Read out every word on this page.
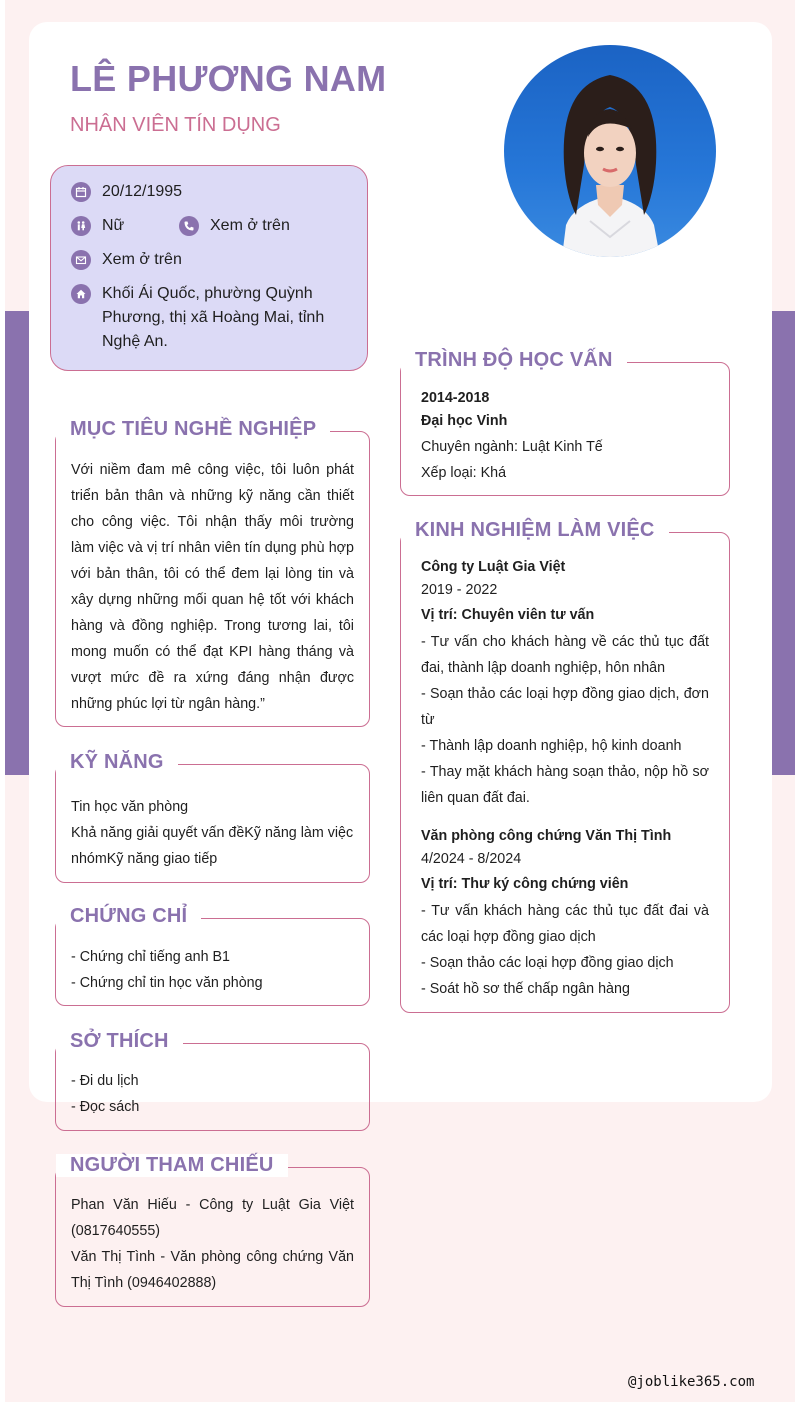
LÊ PHƯƠNG NAM
NHÂN VIÊN TÍN DỤNG
20/12/1995
Nữ	Xem ở trên
Xem ở trên
Khối Ái Quốc, phường Quỳnh Phương, thị xã Hoàng Mai, tỉnh Nghệ An.
MỤC TIÊU NGHỀ NGHIỆP
Với niềm đam mê công việc, tôi luôn phát triển bản thân và những kỹ năng cần thiết cho công việc. Tôi nhận thấy môi trường làm việc và vị trí nhân viên tín dụng phù hợp với bản thân, tôi có thể đem lại lòng tin và xây dựng những mối quan hệ tốt với khách hàng và đồng nghiệp. Trong tương lai, tôi mong muốn có thể đạt KPI hàng tháng và vượt mức đề ra xứng đáng nhận được những phúc lợi từ ngân hàng.”
KỸ NĂNG
Tin học văn phòng
Khả năng giải quyết vấn đềKỹ năng làm việc nhómKỹ năng giao tiếp
CHỨNG CHỈ
- Chứng chỉ tiếng anh B1
- Chứng chỉ tin học văn phòng
SỞ THÍCH
- Đi du lịch
- Đọc sách
NGƯỜI THAM CHIẾU
Phan Văn Hiếu - Công ty Luật Gia Việt (0817640555)
Văn Thị Tình - Văn phòng công chứng Văn Thị Tình (0946402888)
TRÌNH ĐỘ HỌC VẤN
2014-2018
Đại học Vinh
Chuyên ngành: Luật Kinh Tế
Xếp loại: Khá
KINH NGHIỆM LÀM VIỆC
Công ty Luật Gia Việt
2019 - 2022
Vị trí: Chuyên viên tư vấn
- Tư vấn cho khách hàng về các thủ tục đất đai, thành lập doanh nghiệp, hôn nhân
- Soạn thảo các loại hợp đồng giao dịch, đơn từ
- Thành lập doanh nghiệp, hộ kinh doanh
- Thay mặt khách hàng soạn thảo, nộp hồ sơ liên quan đất đai.
Văn phòng công chứng Văn Thị Tình
4/2024 - 8/2024
Vị trí: Thư ký công chứng viên
- Tư vấn khách hàng các thủ tục đất đai và các loại hợp đồng giao dịch
- Soạn thảo các loại hợp đồng giao dịch
- Soát hồ sơ thế chấp ngân hàng
@joblike365.com
